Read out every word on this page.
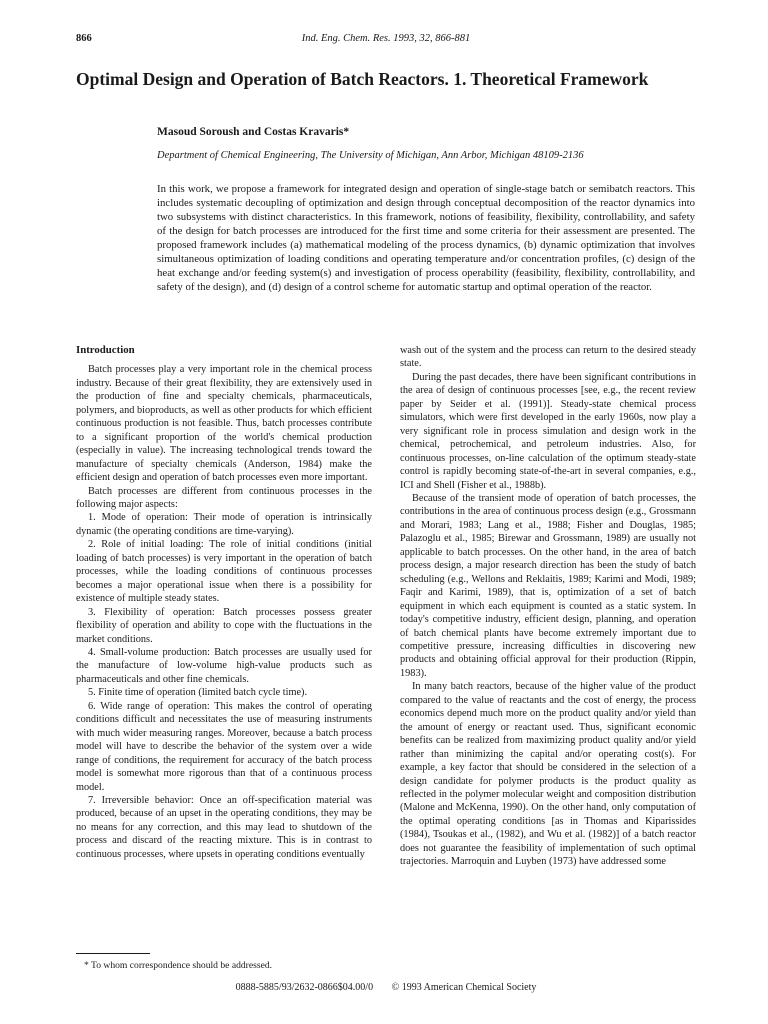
866	Ind. Eng. Chem. Res. 1993, 32, 866-881
Optimal Design and Operation of Batch Reactors. 1. Theoretical Framework
Masoud Soroush and Costas Kravaris*
Department of Chemical Engineering, The University of Michigan, Ann Arbor, Michigan 48109-2136

In this work, we propose a framework for integrated design and operation of single-stage batch or semibatch reactors. This includes systematic decoupling of optimization and design through conceptual decomposition of the reactor dynamics into two subsystems with distinct characteristics. In this framework, notions of feasibility, flexibility, controllability, and safety of the design for batch processes are introduced for the first time and some criteria for their assessment are presented. The proposed framework includes (a) mathematical modeling of the process dynamics, (b) dynamic optimization that involves simultaneous optimization of loading conditions and operating temperature and/or concentration profiles, (c) design of the heat exchange and/or feeding system(s) and investigation of process operability (feasibility, flexibility, controllability, and safety of the design), and (d) design of a control scheme for automatic startup and optimal operation of the reactor.

Introduction

Batch processes play a very important role in the chemical process industry. Because of their great flexibility, they are extensively used in the production of fine and specialty chemicals, pharmaceuticals, polymers, and bioproducts, as well as other products for which efficient continuous production is not feasible. Thus, batch processes contribute to a significant proportion of the world's chemical production (especially in value). The increasing technological trends toward the manufacture of specialty chemicals (Anderson, 1984) make the efficient design and operation of batch processes even more important.

Batch processes are different from continuous processes in the following major aspects:

1. Mode of operation: Their mode of operation is intrinsically dynamic (the operating conditions are time-varying).

2. Role of initial loading: The role of initial conditions (initial loading of batch processes) is very important in the operation of batch processes, while the loading conditions of continuous processes becomes a major operational issue when there is a possibility for existence of multiple steady states.

3. Flexibility of operation: Batch processes possess greater flexibility of operation and ability to cope with the fluctuations in the market conditions.

4. Small-volume production: Batch processes are usually used for the manufacture of low-volume high-value products such as pharmaceuticals and other fine chemicals.

5. Finite time of operation (limited batch cycle time).

6. Wide range of operation: This makes the control of operating conditions difficult and necessitates the use of measuring instruments with much wider measuring ranges. Moreover, because a batch process model will have to describe the behavior of the system over a wide range of conditions, the requirement for accuracy of the batch process model is somewhat more rigorous than that of a continuous process model.

7. Irreversible behavior: Once an off-specification material was produced, because of an upset in the operating conditions, they may be no means for any correction, and this may lead to shutdown of the process and discard of the reacting mixture. This is in contrast to continuous processes, where upsets in operating conditions eventually

wash out of the system and the process can return to the desired steady state.

During the past decades, there have been significant contributions in the area of design of continuous processes [see, e.g., the recent review paper by Seider et al. (1991)]. Steady-state chemical process simulators, which were first developed in the early 1960s, now play a very significant role in process simulation and design work in the chemical, petrochemical, and petroleum industries. Also, for continuous processes, on-line calculation of the optimum steady-state control is rapidly becoming state-of-the-art in several companies, e.g., ICI and Shell (Fisher et al., 1988b).

Because of the transient mode of operation of batch processes, the contributions in the area of continuous process design (e.g., Grossmann and Morari, 1983; Lang et al., 1988; Fisher and Douglas, 1985; Palazoglu et al., 1985; Birewar and Grossmann, 1989) are usually not applicable to batch processes. On the other hand, in the area of batch process design, a major research direction has been the study of batch scheduling (e.g., Wellons and Reklaitis, 1989; Karimi and Modi, 1989; Faqir and Karimi, 1989), that is, optimization of a set of batch equipment in which each equipment is counted as a static system. In today's competitive industry, efficient design, planning, and operation of batch chemical plants have become extremely important due to competitive pressure, increasing difficulties in discovering new products and obtaining official approval for their production (Rippin, 1983).

In many batch reactors, because of the higher value of the product compared to the value of reactants and the cost of energy, the process economics depend much more on the product quality and/or yield than the amount of energy or reactant used. Thus, significant economic benefits can be realized from maximizing product quality and/or yield rather than minimizing the capital and/or operating cost(s). For example, a key factor that should be considered in the selection of a design candidate for polymer products is the product quality as reflected in the polymer molecular weight and composition distribution (Malone and McKenna, 1990). On the other hand, only computation of the optimal operating conditions [as in Thomas and Kiparissides (1984), Tsoukas et al., (1982), and Wu et al. (1982)] of a batch reactor does not guarantee the feasibility of implementation of such optimal trajectories. Marroquin and Luyben (1973) have addressed some

* To whom correspondence should be addressed.
0888-5885/93/2632-0866$04.00/0 © 1993 American Chemical Society
